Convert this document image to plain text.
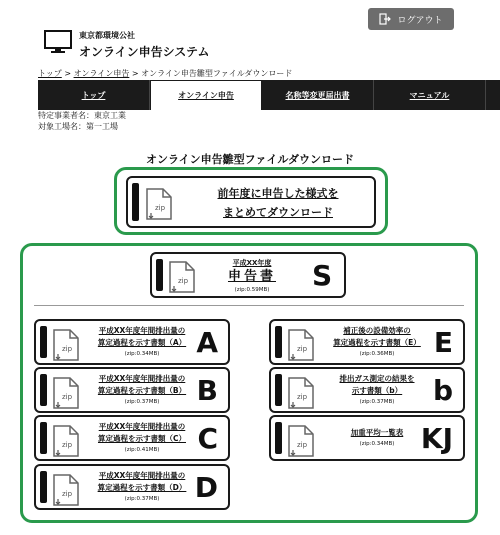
ログアウト
東京都環境公社
オンライン申告システム
トップ > オンライン申告 > オンライン申告雛型ファイルダウンロード
トップ	オンライン申告	名称等変更届出書	マニュアル
特定事業者名：東京工業
対象工場名：第一工場
オンライン申告雛型ファイルダウンロード
zip
前年度に申告した様式を
まとめてダウンロード
zip
平成XX年度
申告書
(zip:0.59MB) S
zip
平成XX年度年間排出量の
算定過程を示す書類（A）
(zip:0.34MB) A
zip
平成XX年度年間排出量の
算定過程を示す書類（B）
(zip:0.37MB) B
zip
平成XX年度年間排出量の
算定過程を示す書類（C）
(zip:0.41MB) C
zip
平成XX年度年間排出量の
算定過程を示す書類（D）
(zip:0.37MB) D
zip
補正後の設備効率の
算定過程を示す書類（E）
(zip:0.36MB) E
zip
排出ガス測定の結果を
示す書類（b）
(zip:0.37MB) b
zip
加重平均一覧表
(zip:0.34MB) KJ
